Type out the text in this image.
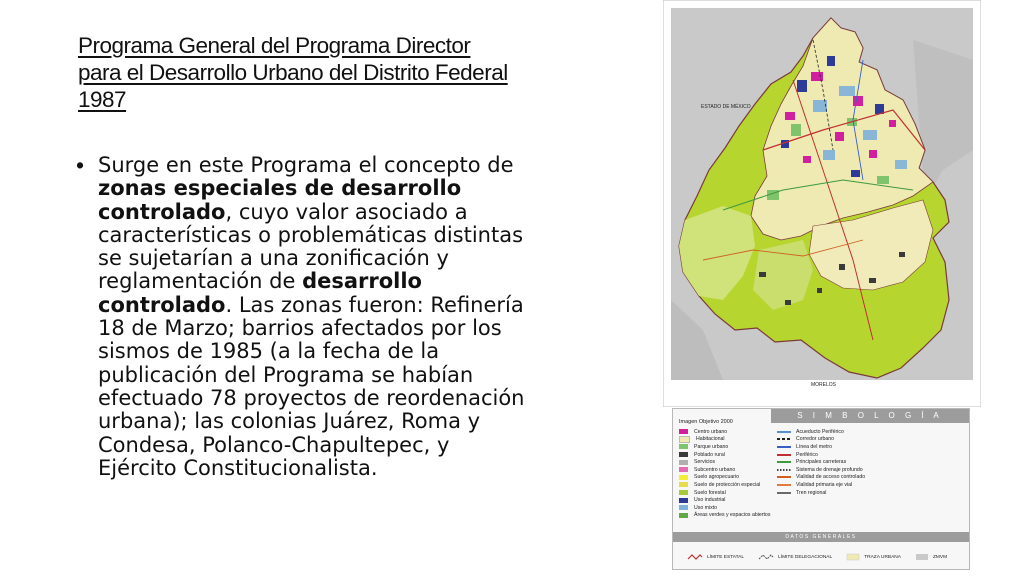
Programa General del Programa Director para el Desarrollo Urbano del Distrito Federal 1987
• Surge en este Programa el concepto de zonas especiales de desarrollo controlado, cuyo valor asociado a características o problemáticas distintas se sujetarían a una zonificación y reglamentación de desarrollo controlado. Las zonas fueron: Refinería 18 de Marzo; barrios afectados por los sismos de 1985 (a la fecha de la publicación del Programa se habían efectuado 78 proyectos de reordenación urbana); las colonias Juárez, Roma y Condesa, Polanco-Chapultepec, y Ejército Constitucionalista.

ESTADO DE MÉXICO
MORELOS
S I M B O L O G Í A
Imagen Objetivo 2000
Centro urbano
Habitacional
Parque urbano
Poblado rural
Servicios
Subcentro urbano
Suelo agropecuario
Suelo de protección especial
Suelo forestal
Uso industrial
Uso mixto
Áreas verdes y espacios abiertos
Acueducto Periférico
Corredor urbano
Línea del metro
Periférico
Principales carreteras
Sistema de drenaje profundo
Vialidad de acceso controlado
Vialidad primaria eje vial
Tren regional
DATOS GENERALES
LÍMITE ESTATAL	LÍMITE DELEGACIONAL	TRAZA URBANA	ZMVM
